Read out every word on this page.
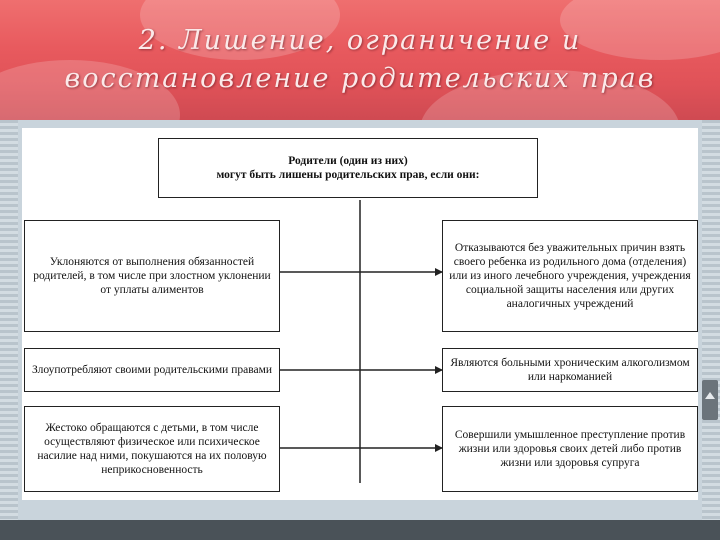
2. Лишение, ограничение и
восстановление родительских прав
Родители (один из них)
могут быть лишены родительских прав, если они:
Уклоняются от выполнения обязанностей родителей, в том числе при злостном уклонении от уплаты алиментов
Злоупотребляют своими родительскими правами
Жестоко обращаются с детьми, в том числе осуществляют физическое или психическое насилие над ними, покушаются на их половую неприкосновенность
Отказываются без уважительных причин взять своего ребенка из родильного дома (отделения) или из иного лечебного учреждения, учреждения социальной защиты населения или других аналогичных учреждений
Являются больными хроническим алкоголизмом или наркоманией
Совершили умышленное преступление против жизни или здоровья своих детей либо против жизни или здоровья супруга
